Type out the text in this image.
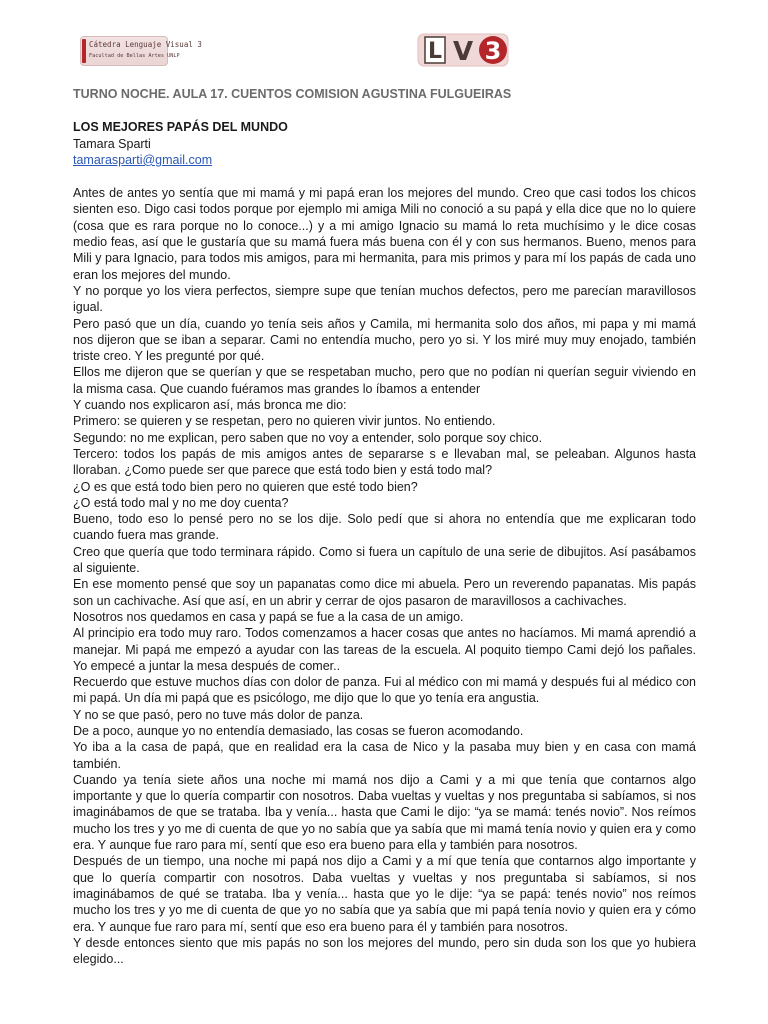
Cátedra Lenguaje Visual 3
Facultad de Bellas Artes UNLP	L V 3
LV3

TURNO NOCHE. AULA 17. CUENTOS COMISION AGUSTINA FULGUEIRAS

LOS MEJORES PAPÁS DEL MUNDO

Tamara Sparti

tamarasparti@gmail.com

Antes de antes yo sentía que mi mamá y mi papá eran los mejores del mundo. Creo que casi todos los chicos sienten eso. Digo casi todos porque por ejemplo mi amiga Mili no conoció a su papá y ella dice que no lo quiere (cosa que es rara porque no lo conoce...) y a mi amigo Ignacio su mamá lo reta muchísimo y le dice cosas medio feas, así que le gustaría que su mamá fuera más buena con él y con sus hermanos. Bueno, menos para Mili y para Ignacio, para todos mis amigos, para mi hermanita, para mis primos y para mí los papás de cada uno eran los mejores del mundo.

Y no porque yo los viera perfectos, siempre supe que tenían muchos defectos, pero me parecían maravillosos igual.

Pero pasó que un día, cuando yo tenía seis años y Camila, mi hermanita solo dos años, mi papa y mi mamá nos dijeron que se iban a separar. Cami no entendía mucho, pero yo si. Y los miré muy muy enojado, también triste creo. Y les pregunté por qué.

Ellos me dijeron que se querían y que se respetaban mucho, pero que no podían ni querían seguir viviendo en la misma casa. Que cuando fuéramos mas grandes lo íbamos a entender

Y cuando nos explicaron así, más bronca me dio:

Primero: se quieren y se respetan, pero no quieren vivir juntos. No entiendo.

Segundo: no me explican, pero saben que no voy a entender, solo porque soy chico.

Tercero: todos los papás de mis amigos antes de separarse s e llevaban mal, se peleaban. Algunos hasta lloraban. ¿Como puede ser que parece que está todo bien y está todo mal?

¿O es que está todo bien pero no quieren que esté todo bien?

¿O está todo mal y no me doy cuenta?

Bueno, todo eso lo pensé pero no se los dije. Solo pedí que si ahora no entendía que me explicaran todo cuando fuera mas grande.

Creo que quería que todo terminara rápido. Como si fuera un capítulo de una serie de dibujitos. Así pasábamos al siguiente.

En ese momento pensé que soy un papanatas como dice mi abuela. Pero un reverendo papanatas. Mis papás son un cachivache. Así que así, en un abrir y cerrar de ojos pasaron de maravillosos a cachivaches.

Nosotros nos quedamos en casa y papá se fue a la casa de un amigo.

Al principio era todo muy raro. Todos comenzamos a hacer cosas que antes no hacíamos. Mi mamá aprendió a manejar. Mi papá me empezó a ayudar con las tareas de la escuela. Al poquito tiempo Cami dejó los pañales. Yo empecé a juntar la mesa después de comer..

Recuerdo que estuve muchos días con dolor de panza. Fui al médico con mi mamá y después fui al médico con mi papá. Un día mi papá que es psicólogo, me dijo que lo que yo tenía era angustia.

Y no se que pasó, pero no tuve más dolor de panza.

De a poco, aunque yo no entendía demasiado, las cosas se fueron acomodando.

Yo iba a la casa de papá, que en realidad era la casa de Nico y la pasaba muy bien y en casa con mamá también.

Cuando ya tenía siete años una noche mi mamá nos dijo a Cami y a mi que tenía que contarnos algo importante y que lo quería compartir con nosotros. Daba vueltas y vueltas y nos preguntaba si sabíamos, si nos imaginábamos de que se trataba. Iba y venía... hasta que Cami le dijo: “ya se mamá: tenés novio”. Nos reímos mucho los tres y yo me di cuenta de que yo no sabía que ya sabía que mi mamá tenía novio y quien era y como era. Y aunque fue raro para mí, sentí que eso era bueno para ella y también para nosotros.

Después de un tiempo, una noche mi papá nos dijo a Cami y a mí que tenía que contarnos algo importante y que lo quería compartir con nosotros. Daba vueltas y vueltas y nos preguntaba si sabíamos, si nos imaginábamos de qué se trataba. Iba y venía... hasta que yo le dije: “ya se papá: tenés novio” nos reímos mucho los tres y yo me di cuenta de que yo no sabía que ya sabía que mi papá tenía novio y quien era y cómo era. Y aunque fue raro para mí, sentí que eso era bueno para él y también para nosotros.

Y desde entonces siento que mis papás no son los mejores del mundo, pero sin duda son los que yo hubiera elegido...
